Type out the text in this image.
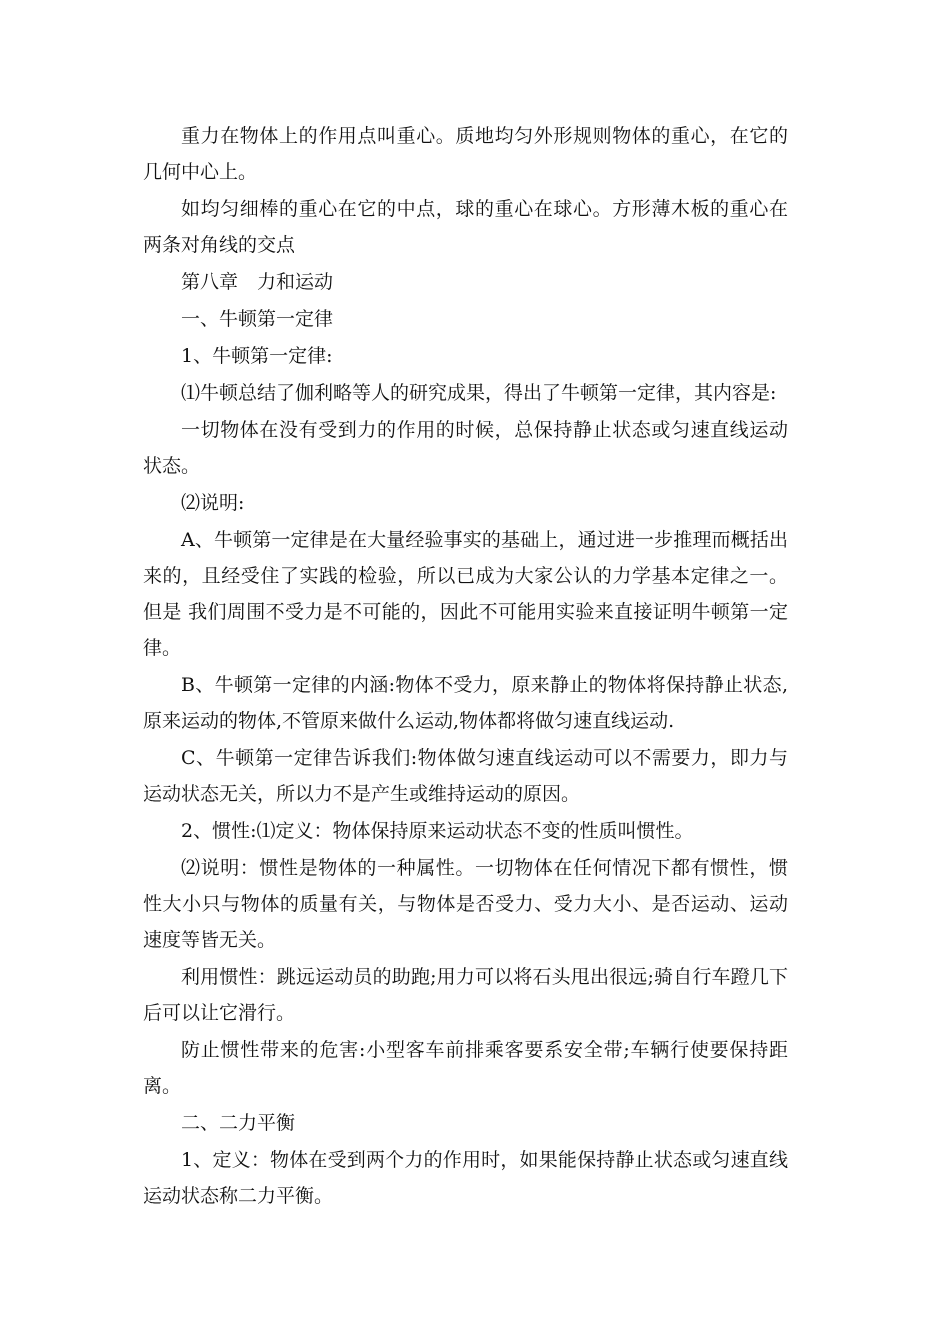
重力在物体上的作用点叫重心。质地均匀外形规则物体的重心，在它的几何中心上。

如均匀细棒的重心在它的中点，球的重心在球心。方形薄木板的重心在两条对角线的交点

第八章　力和运动

一、牛顿第一定律

1、牛顿第一定律:

⑴牛顿总结了伽利略等人的研究成果，得出了牛顿第一定律，其内容是:

一切物体在没有受到力的作用的时候，总保持静止状态或匀速直线运动状态。

⑵说明:

A、牛顿第一定律是在大量经验事实的基础上，通过进一步推理而概括出来的，且经受住了实践的检验，所以已成为大家公认的力学基本定律之一。但是 我们周围不受力是不可能的，因此不可能用实验来直接证明牛顿第一定律。

B、牛顿第一定律的内涵:物体不受力，原来静止的物体将保持静止状态,原来运动的物体,不管原来做什么运动,物体都将做匀速直线运动.

C、牛顿第一定律告诉我们:物体做匀速直线运动可以不需要力，即力与运动状态无关，所以力不是产生或维持运动的原因。

2、惯性:⑴定义：物体保持原来运动状态不变的性质叫惯性。

⑵说明：惯性是物体的一种属性。一切物体在任何情况下都有惯性，惯性大小只与物体的质量有关，与物体是否受力、受力大小、是否运动、运动速度等皆无关。

利用惯性：跳远运动员的助跑;用力可以将石头甩出很远;骑自行车蹬几下后可以让它滑行。

防止惯性带来的危害:小型客车前排乘客要系安全带;车辆行使要保持距离。

二、二力平衡

1、定义：物体在受到两个力的作用时，如果能保持静止状态或匀速直线运动状态称二力平衡。
